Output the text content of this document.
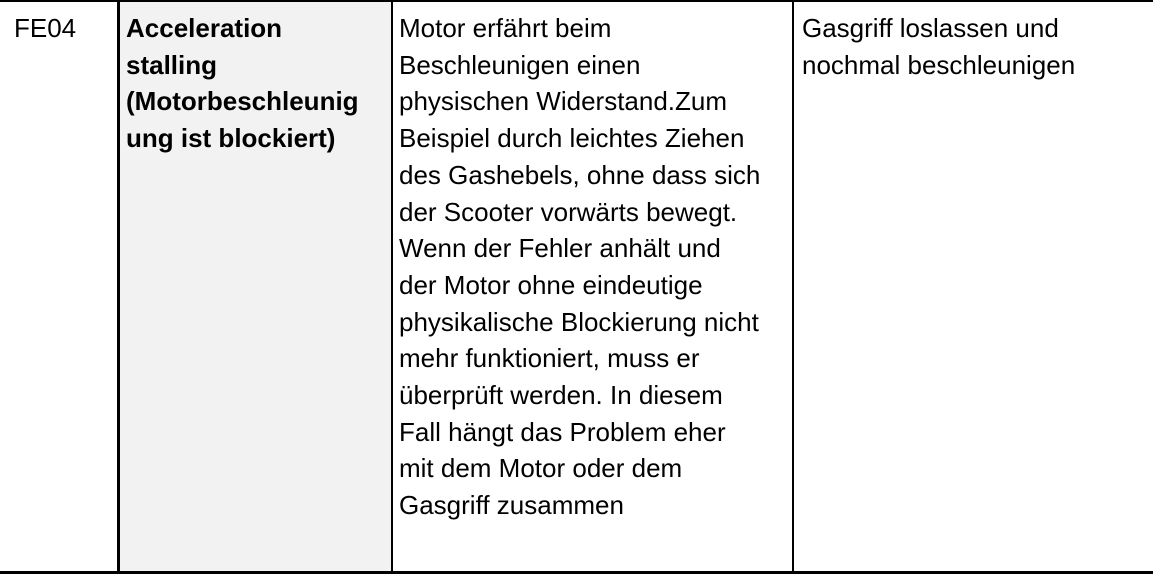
FE04	Acceleration
stalling
(Motorbeschleunig
ung ist blockiert)
Motor erfährt beim
Beschleunigen einen
physischen Widerstand.Zum
Beispiel durch leichtes Ziehen
des Gashebels, ohne dass sich
der Scooter vorwärts bewegt.
Wenn der Fehler anhält und
der Motor ohne eindeutige
physikalische Blockierung nicht
mehr funktioniert, muss er
überprüft werden. In diesem
Fall hängt das Problem eher
mit dem Motor oder dem
Gasgriff zusammen
Gasgriff loslassen und
nochmal beschleunigen
